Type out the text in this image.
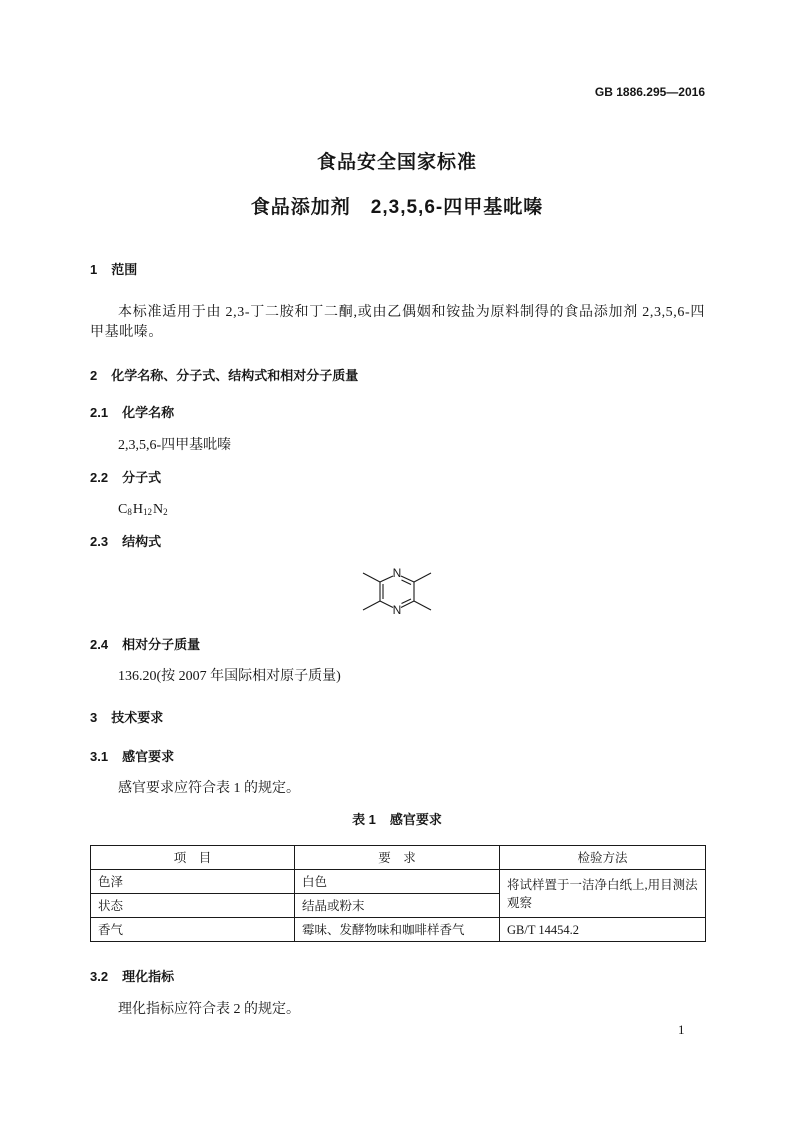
GB 1886.295—2016
食品安全国家标准
食品添加剂　2,3,5,6-四甲基吡嗪
1 范围
本标准适用于由 2,3-丁二胺和丁二酮,或由乙偶姻和铵盐为原料制得的食品添加剂 2,3,5,6-四甲基吡嗪。
2 化学名称、分子式、结构式和相对分子质量
2.1 化学名称
2,3,5,6-四甲基吡嗪
2.2 分子式
$C_8H_{12}N_2$
2.3 结构式
N
N
2.4 相对分子质量
136.20(按 2007 年国际相对原子质量)
3 技术要求
3.1 感官要求
感官要求应符合表 1 的规定。
表 1 感官要求
项　目	要　求	检验方法
色泽	白色	将试样置于一洁净白纸上,用目测法观察
状态	结晶或粉末	
香气	霉味、发酵物味和咖啡样香气	GB/T 14454.2
3.2 理化指标
理化指标应符合表 2 的规定。
1
